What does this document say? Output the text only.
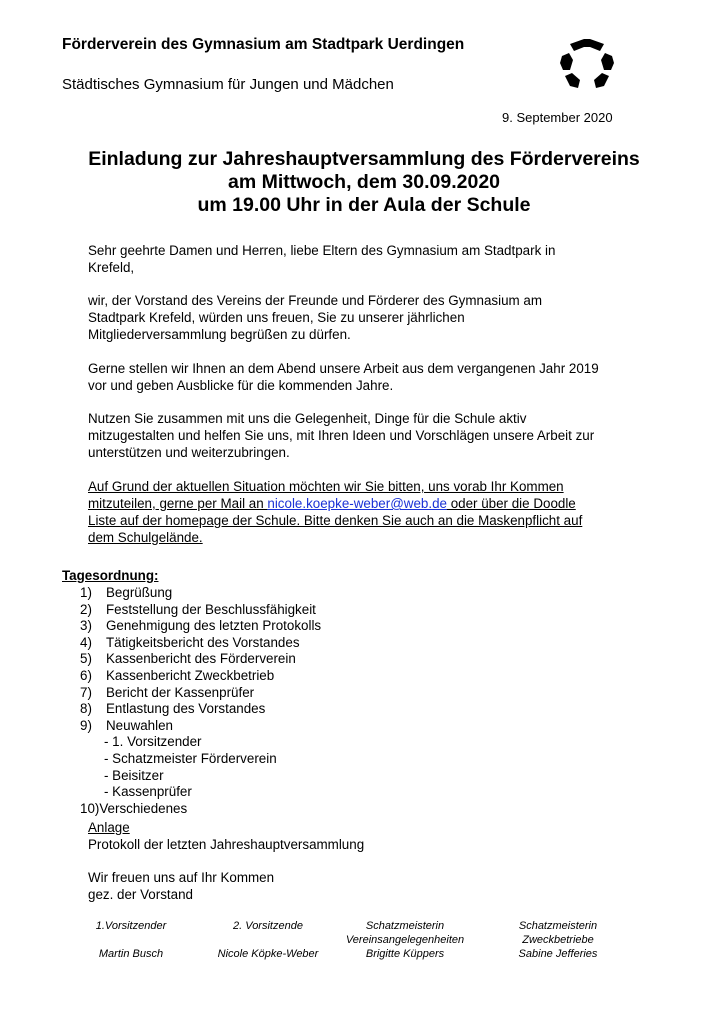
Förderverein des Gymnasium am Stadtpark Uerdingen
Städtisches Gymnasium für Jungen und Mädchen
9. September 2020
Einladung zur Jahreshauptversammlung des Fördervereins
am Mittwoch, dem 30.09.2020
um 19.00 Uhr in der Aula der Schule
Sehr geehrte Damen und Herren, liebe Eltern des Gymnasium am Stadtpark in
Krefeld,
wir, der Vorstand des Vereins der Freunde und Förderer des Gymnasium am
Stadtpark Krefeld, würden uns freuen, Sie zu unserer jährlichen
Mitgliederversammlung begrüßen zu dürfen.
Gerne stellen wir Ihnen an dem Abend unsere Arbeit aus dem vergangenen Jahr 2019
vor und geben Ausblicke für die kommenden Jahre.
Nutzen Sie zusammen mit uns die Gelegenheit, Dinge für die Schule aktiv
mitzugestalten und helfen Sie uns, mit Ihren Ideen und Vorschlägen unsere Arbeit zur
unterstützen und weiterzubringen.
Auf Grund der aktuellen Situation möchten wir Sie bitten, uns vorab Ihr Kommen
mitzuteilen, gerne per Mail an nicole.koepke-weber@web.de oder über die Doodle
Liste auf der homepage der Schule. Bitte denken Sie auch an die Maskenpflicht auf
dem Schulgelände.
Tagesordnung:
1) Begrüßung
2) Feststellung der Beschlussfähigkeit
3) Genehmigung des letzten Protokolls
4) Tätigkeitsbericht des Vorstandes
5) Kassenbericht des Förderverein
6) Kassenbericht Zweckbetrieb
7) Bericht der Kassenprüfer
8) Entlastung des Vorstandes
9) Neuwahlen
- 1. Vorsitzender
- Schatzmeister Förderverein
- Beisitzer
- Kassenprüfer
10)Verschiedenes
Anlage
Protokoll der letzten Jahreshauptversammlung
Wir freuen uns auf Ihr Kommen
gez. der Vorstand
1.Vorsitzender
Martin Busch
2. Vorsitzende
Nicole Köpke-Weber
Schatzmeisterin
Vereinsangelegenheiten
Brigitte Küppers
Schatzmeisterin
Zweckbetriebe
Sabine Jefferies
